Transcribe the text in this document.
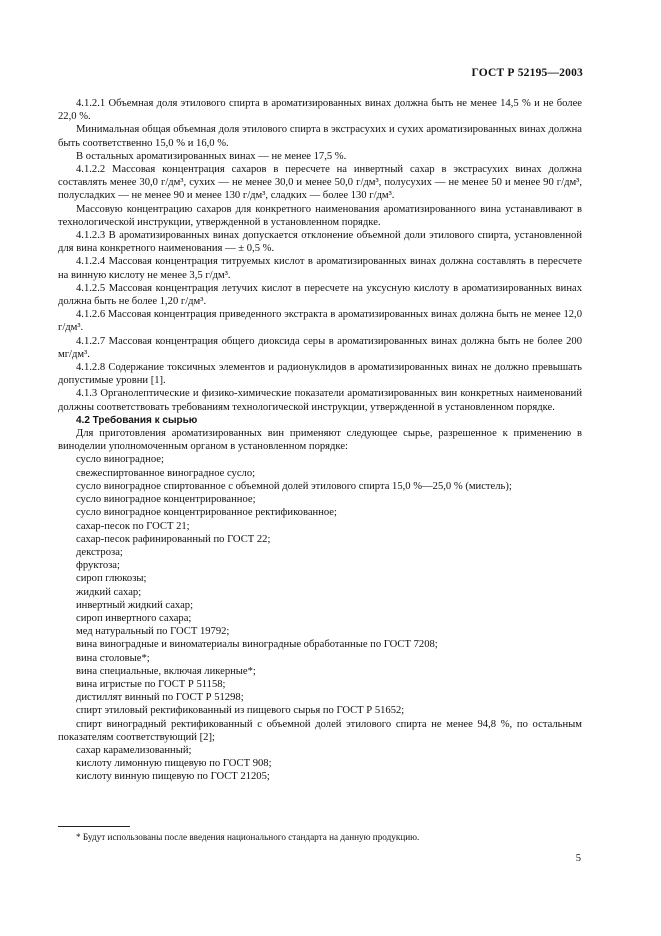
ГОСТ Р 52195—2003

4.1.2.1 Объемная доля этилового спирта в ароматизированных винах должна быть не менее 14,5 % и не более 22,0 %.

Минимальная общая объемная доля этилового спирта в экстрасухих и сухих ароматизированных винах должна быть соответственно 15,0 % и 16,0 %.

В остальных ароматизированных винах — не менее 17,5 %.

4.1.2.2 Массовая концентрация сахаров в пересчете на инвертный сахар в экстрасухих винах должна составлять менее 30,0 г/дм³, сухих — не менее 30,0 и менее 50,0 г/дм³, полусухих — не менее 50 и менее 90 г/дм³, полусладких — не менее 90 и менее 130 г/дм³, сладких — более 130 г/дм³.

Массовую концентрацию сахаров для конкретного наименования ароматизированного вина устанавливают в технологической инструкции, утвержденной в установленном порядке.

4.1.2.3 В ароматизированных винах допускается отклонение объемной доли этилового спирта, установленной для вина конкретного наименования — ± 0,5 %.

4.1.2.4 Массовая концентрация титруемых кислот в ароматизированных винах должна составлять в пересчете на винную кислоту не менее 3,5 г/дм³.

4.1.2.5 Массовая концентрация летучих кислот в пересчете на уксусную кислоту в ароматизированных винах должна быть не более 1,20 г/дм³.

4.1.2.6 Массовая концентрация приведенного экстракта в ароматизированных винах должна быть не менее 12,0 г/дм³.

4.1.2.7 Массовая концентрация общего диоксида серы в ароматизированных винах должна быть не более 200 мг/дм³.

4.1.2.8 Содержание токсичных элементов и радионуклидов в ароматизированных винах не должно превышать допустимые уровни [1].

4.1.3 Органолептические и физико-химические показатели ароматизированных вин конкретных наименований должны соответствовать требованиям технологической инструкции, утвержденной в установленном порядке.

4.2 Требования к сырью

Для приготовления ароматизированных вин применяют следующее сырье, разрешенное к применению в виноделии уполномоченным органом в установленном порядке:

сусло виноградное;

свежеспиртованное виноградное сусло;

сусло виноградное спиртованное с объемной долей этилового спирта 15,0 %—25,0 % (мистель);

сусло виноградное концентрированное;

сусло виноградное концентрированное ректификованное;

сахар-песок по ГОСТ 21;

сахар-песок рафинированный по ГОСТ 22;

декстроза;

фруктоза;

сироп глюкозы;

жидкий сахар;

инвертный жидкий сахар;

сироп инвертного сахара;

мед натуральный по ГОСТ 19792;

вина виноградные и виноматериалы виноградные обработанные по ГОСТ 7208;

вина столовые*;

вина специальные, включая ликерные*;

вина игристые по ГОСТ Р 51158;

дистиллят винный по ГОСТ Р 51298;

спирт этиловый ректификованный из пищевого сырья по ГОСТ Р 51652;

спирт виноградный ректификованный с объемной долей этилового спирта не менее 94,8 %, по остальным показателям соответствующий [2];

сахар карамелизованный;

кислоту лимонную пищевую по ГОСТ 908;

кислоту винную пищевую по ГОСТ 21205;

* Будут использованы после введения национального стандарта на данную продукцию.
5
